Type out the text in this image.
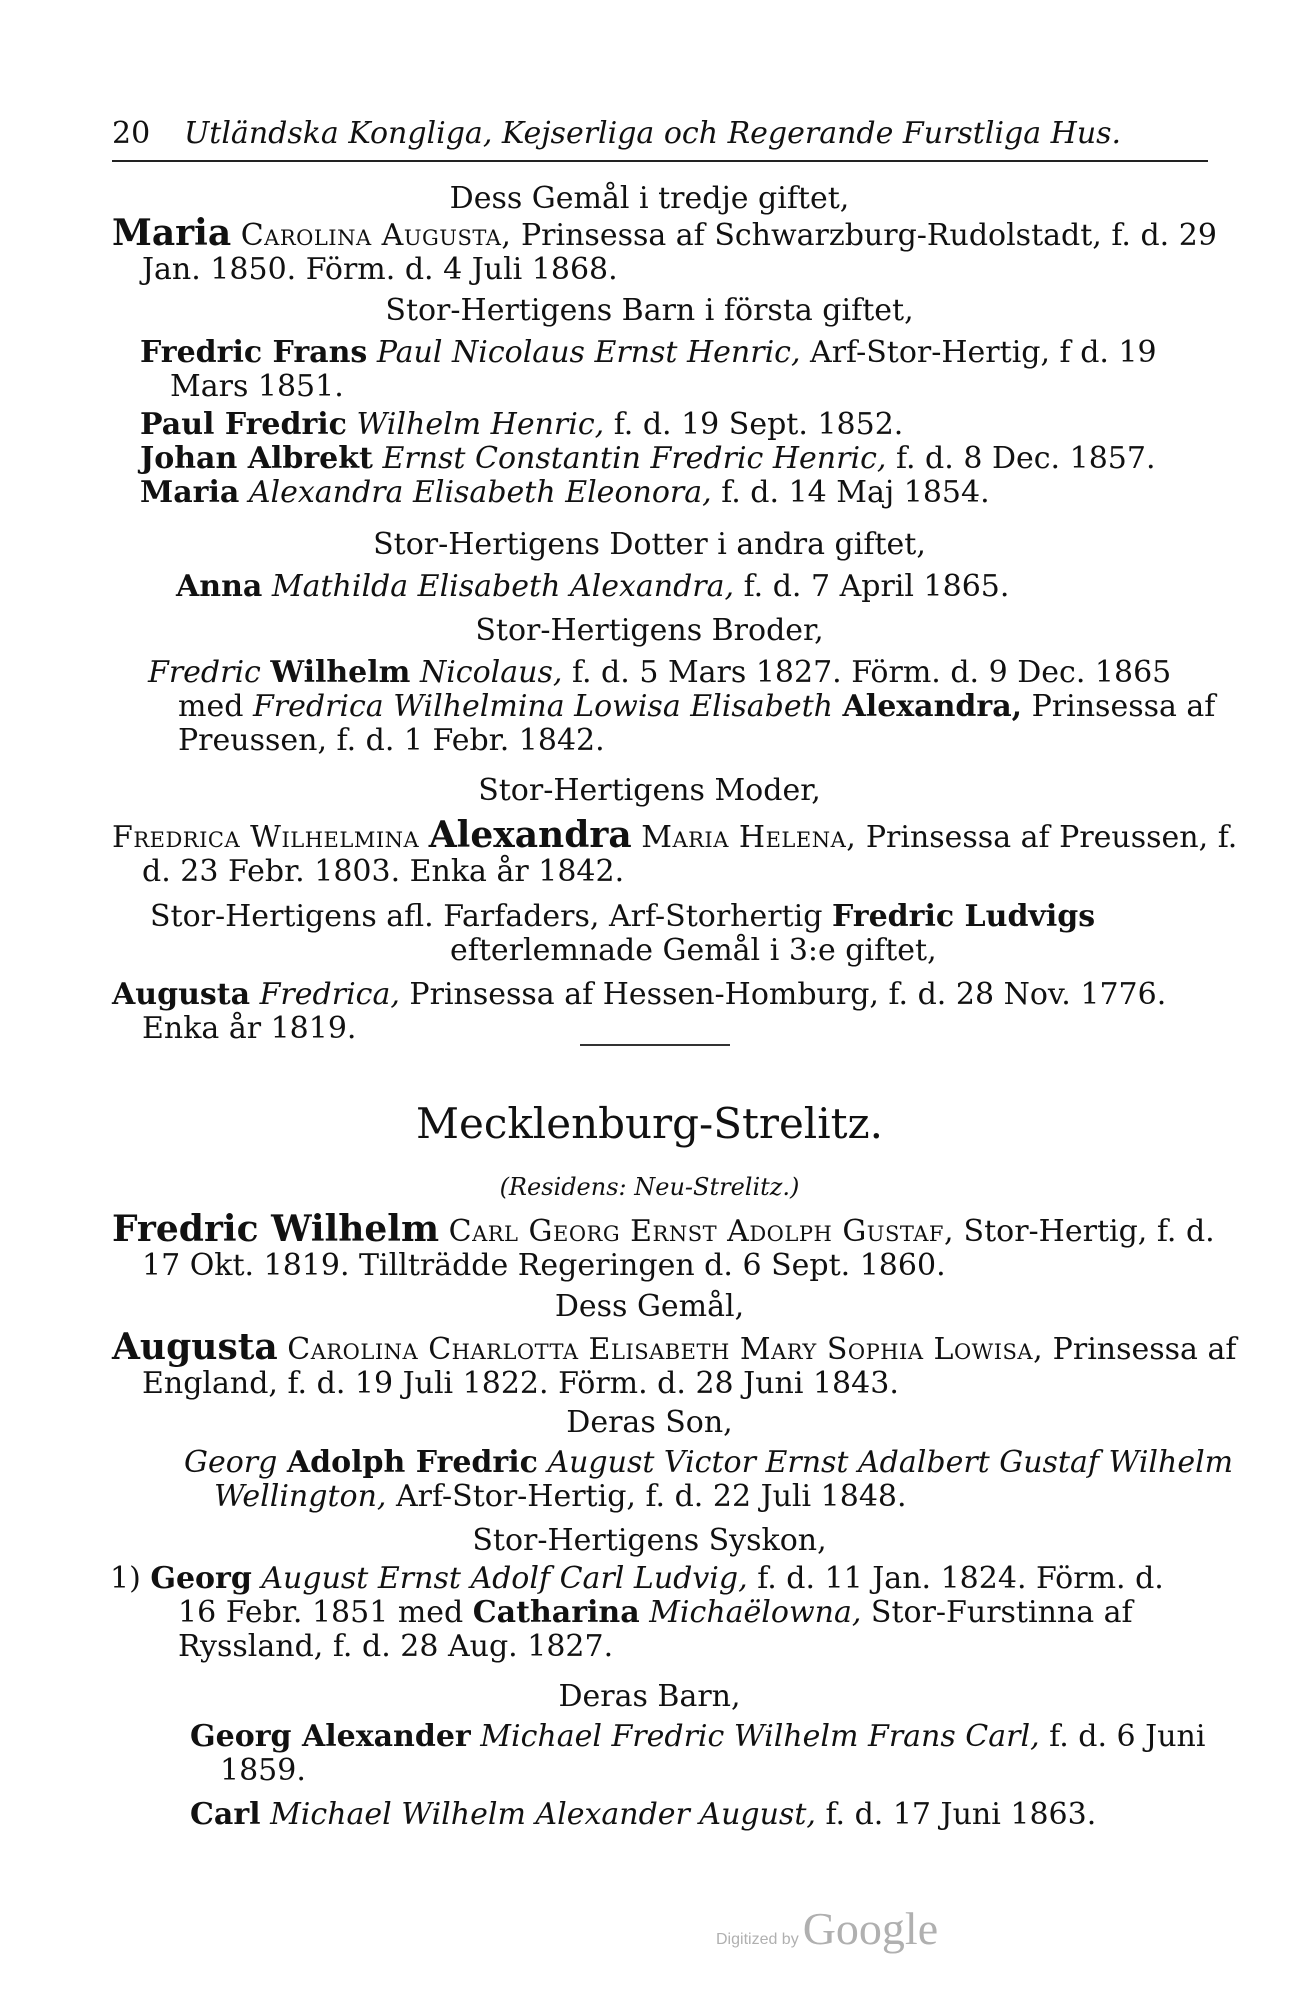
20 Utländska Kongliga, Kejserliga och Regerande Furstliga Hus.
Dess Gemål i tredje giftet,
Maria Carolina Augusta, Prinsessa af Schwarzburg-Rudolstadt, f. d. 29 Jan. 1850. Förm. d. 4 Juli 1868.
Stor-Hertigens Barn i första giftet,
Fredric Frans Paul Nicolaus Ernst Henric, Arf-Stor-Hertig, f d. 19 Mars 1851.
Paul Fredric Wilhelm Henric, f. d. 19 Sept. 1852.
Johan Albrekt Ernst Constantin Fredric Henric, f. d. 8 Dec. 1857.
Maria Alexandra Elisabeth Eleonora, f. d. 14 Maj 1854.
Stor-Hertigens Dotter i andra giftet,
Anna Mathilda Elisabeth Alexandra, f. d. 7 April 1865.
Stor-Hertigens Broder,
Fredric Wilhelm Nicolaus, f. d. 5 Mars 1827. Förm. d. 9 Dec. 1865 med Fredrica Wilhelmina Lowisa Elisabeth Alexandra, Prinsessa af Preussen, f. d. 1 Febr. 1842.
Stor-Hertigens Moder,
Fredrica Wilhelmina Alexandra Maria Helena, Prinsessa af Preussen, f. d. 23 Febr. 1803. Enka år 1842.
Stor-Hertigens afl. Farfaders, Arf-Storhertig Fredric Ludvigs efterlemnade Gemål i 3:e giftet,
Augusta Fredrica, Prinsessa af Hessen-Homburg, f. d. 28 Nov. 1776. Enka år 1819.
Mecklenburg-Strelitz.
(Residens: Neu-Strelitz.)
Fredric Wilhelm Carl Georg Ernst Adolph Gustaf, Stor-Hertig, f. d. 17 Okt. 1819. Tillträdde Regeringen d. 6 Sept. 1860.
Dess Gemål,
Augusta Carolina Charlotta Elisabeth Mary Sophia Lowisa, Prinsessa af England, f. d. 19 Juli 1822. Förm. d. 28 Juni 1843.
Deras Son,
Georg Adolph Fredric August Victor Ernst Adalbert Gustaf Wilhelm Wellington, Arf-Stor-Hertig, f. d. 22 Juli 1848.
Stor-Hertigens Syskon,
1) Georg August Ernst Adolf Carl Ludvig, f. d. 11 Jan. 1824. Förm. d. 16 Febr. 1851 med Catharina Michaëlowna, Stor-Furstinna af Ryssland, f. d. 28 Aug. 1827.
Deras Barn,
Georg Alexander Michael Fredric Wilhelm Frans Carl, f. d. 6 Juni 1859.
Carl Michael Wilhelm Alexander August, f. d. 17 Juni 1863.
Digitized byGoogle
